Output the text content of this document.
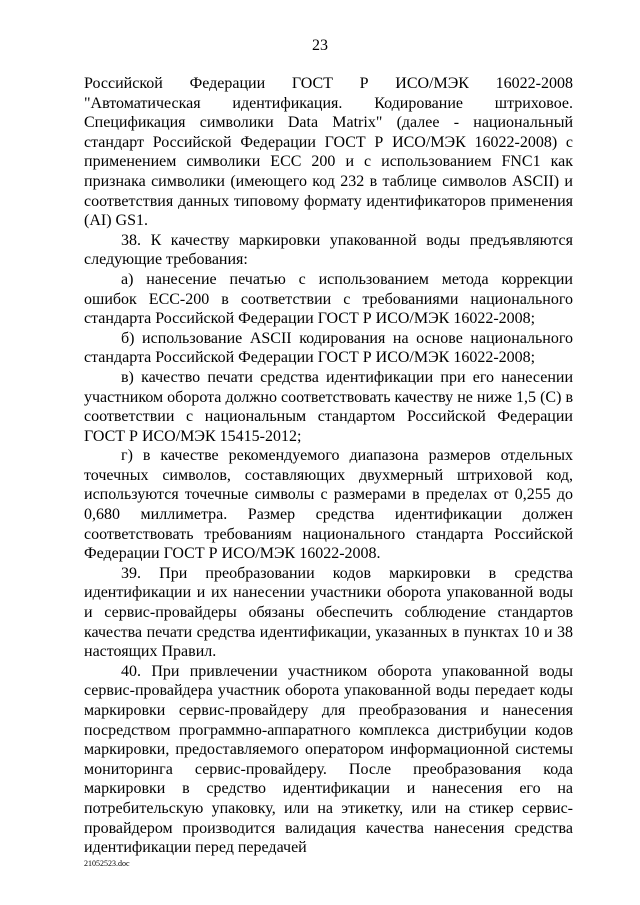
23

Российской Федерации ГОСТ Р ИСО/МЭК 16022-2008 "Автоматическая идентификация. Кодирование штриховое. Спецификация символики Data Matrix" (далее - национальный стандарт Российской Федерации ГОСТ Р ИСО/МЭК 16022-2008) с применением символики ECC 200 и с использованием FNC1 как признака символики (имеющего код 232 в таблице символов ASCII) и соответствия данных типовому формату идентификаторов применения (AI) GS1.

38. К качеству маркировки упакованной воды предъявляются следующие требования:

а) нанесение печатью с использованием метода коррекции ошибок ЕСС-200 в соответствии с требованиями национального стандарта Российской Федерации ГОСТ Р ИСО/МЭК 16022-2008;

б) использование ASCII кодирования на основе национального стандарта Российской Федерации ГОСТ Р ИСО/МЭК 16022-2008;

в) качество печати средства идентификации при его нанесении участником оборота должно соответствовать качеству не ниже 1,5 (C) в соответствии с национальным стандартом Российской Федерации ГОСТ Р ИСО/МЭК 15415-2012;

г) в качестве рекомендуемого диапазона размеров отдельных точечных символов, составляющих двухмерный штриховой код, используются точечные символы с размерами в пределах от 0,255 до 0,680 миллиметра. Размер средства идентификации должен соответствовать требованиям национального стандарта Российской Федерации ГОСТ Р ИСО/МЭК 16022-2008.

39. При преобразовании кодов маркировки в средства идентификации и их нанесении участники оборота упакованной воды и сервис-провайдеры обязаны обеспечить соблюдение стандартов качества печати средства идентификации, указанных в пунктах 10 и 38 настоящих Правил.

40. При привлечении участником оборота упакованной воды сервис-провайдера участник оборота упакованной воды передает коды маркировки сервис-провайдеру для преобразования и нанесения посредством программно-аппаратного комплекса дистрибуции кодов маркировки, предоставляемого оператором информационной системы мониторинга сервис-провайдеру. После преобразования кода маркировки в средство идентификации и нанесения его на потребительскую упаковку, или на этикетку, или на стикер сервис-провайдером производится валидация качества нанесения средства идентификации перед передачей

21052523.doc
